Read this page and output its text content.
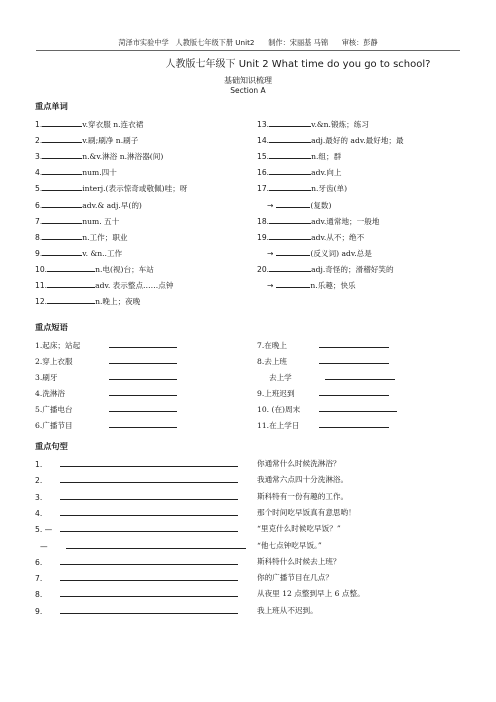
菏泽市实验中学 人教版七年级下册 Unit2 制作：宋丽基 马锦 审核：彭静
人教版七年级下 Unit 2 What time do you go to school?
基础知识梳理
Section A
重点单词
1.	v.穿衣服 n.连衣裙
2.	v.刷;刷净 n.刷子
3.	n.&v.淋浴 n.淋浴器(间)
4.	num.四十
5.	interj.(表示惊奇或敬佩)哇；呀
6.	adv.& adj.早(的)
7.	num. 五十
8.	n.工作；职业
9.	v. &n..工作
10.	n.电(视)台；车站
11.	adv. 表示整点……点钟
12.	n.晚上；夜晚
13.	v.&n.锻炼；练习
14.	adj.最好的 adv.最好地；最
15.	n.组；群
16.	adv.向上
17.	n.牙齿(单)
→	(复数)
18.	adv.通常地；一般地
19.	adv.从不；绝不
→	(反义词) adv.总是
20.	adj.奇怪的；滑稽好笑的
→	n.乐趣；快乐
重点短语
1.起床；站起
2.穿上衣服
3.刷牙
4.洗淋浴
5.广播电台
6.广播节目
7.在晚上
8.去上班
去上学
9.上班迟到
10. (在)周末
11.在上学日
重点句型
1.	你通常什么时候洗淋浴？
2.	我通常六点四十分洗淋浴。
3.	斯科特有一份有趣的工作。
4.	那个时间吃早饭真有意思哟！
5. —	“里克什么时候吃早饭？”
—	“他七点钟吃早饭。”
6.	斯科特什么时候去上班？
7.	你的广播节目在几点？
8.	从夜里 12 点整到早上 6 点整。
9.	我上班从不迟到。
